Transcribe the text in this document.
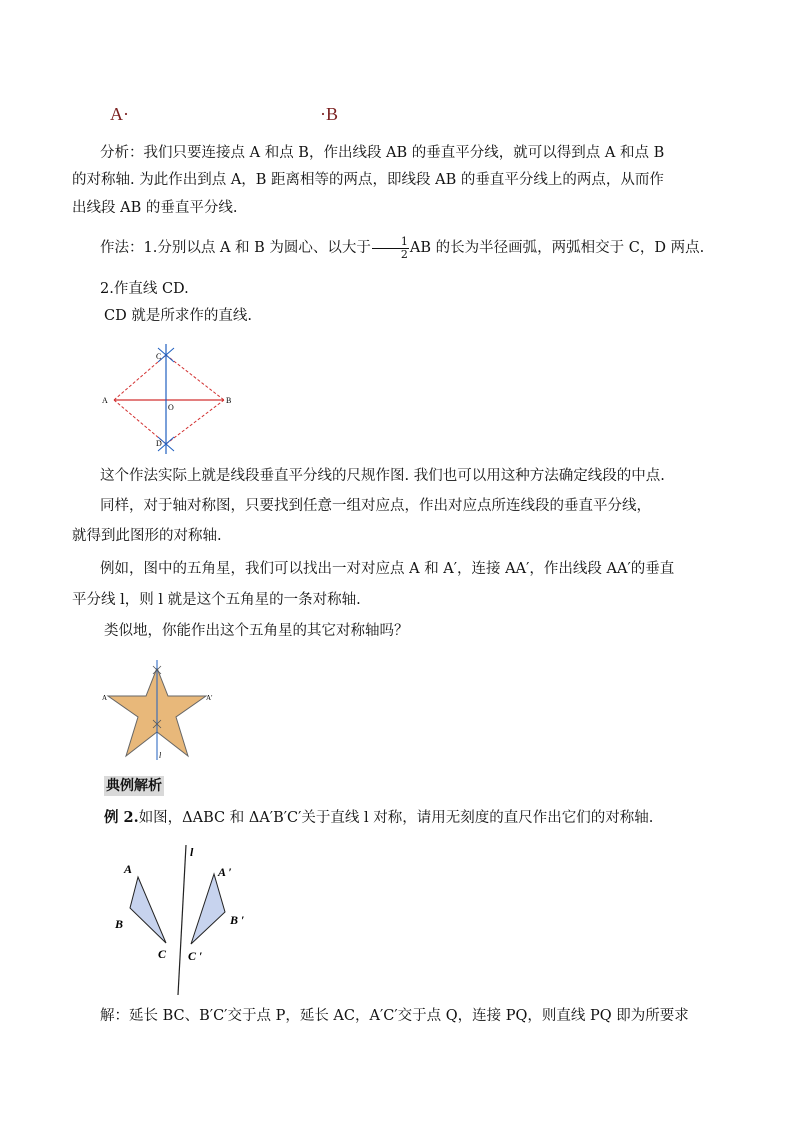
A·	·B

分析：我们只要连接点 A 和点 B，作出线段 AB 的垂直平分线，就可以得到点 A 和点 B

的对称轴. 为此作出到点 A，B 距离相等的两点，即线段 AB 的垂直平分线上的两点，从而作

出线段 AB 的垂直平分线.

作法：1.分别以点 A 和 B 为圆心、以大于 $\frac{1}{2}$ AB 的长为半径画弧，两弧相交于 C，D 两点.

2.作直线 CD.

CD 就是所求作的直线.

A	B
C
D
O

这个作法实际上就是线段垂直平分线的尺规作图. 我们也可以用这种方法确定线段的中点.

同样，对于轴对称图，只要找到任意一组对应点，作出对应点所连线段的垂直平分线，

就得到此图形的对称轴.

例如，图中的五角星，我们可以找出一对对应点 A 和 A′，连接 AA′，作出线段 AA′的垂直

平分线 l，则 l 就是这个五角星的一条对称轴.

类似地，你能作出这个五角星的其它对称轴吗？

A	A′
l
典例解析

例 2.如图，ΔABC 和 ΔA′B′C′关于直线 l 对称，请用无刻度的直尺作出它们的对称轴.

l
A
B
C
A ′
B ′
C ′

解：延长 BC、B′C′交于点 P，延长 AC，A′C′交于点 Q，连接 PQ，则直线 PQ 即为所要求
